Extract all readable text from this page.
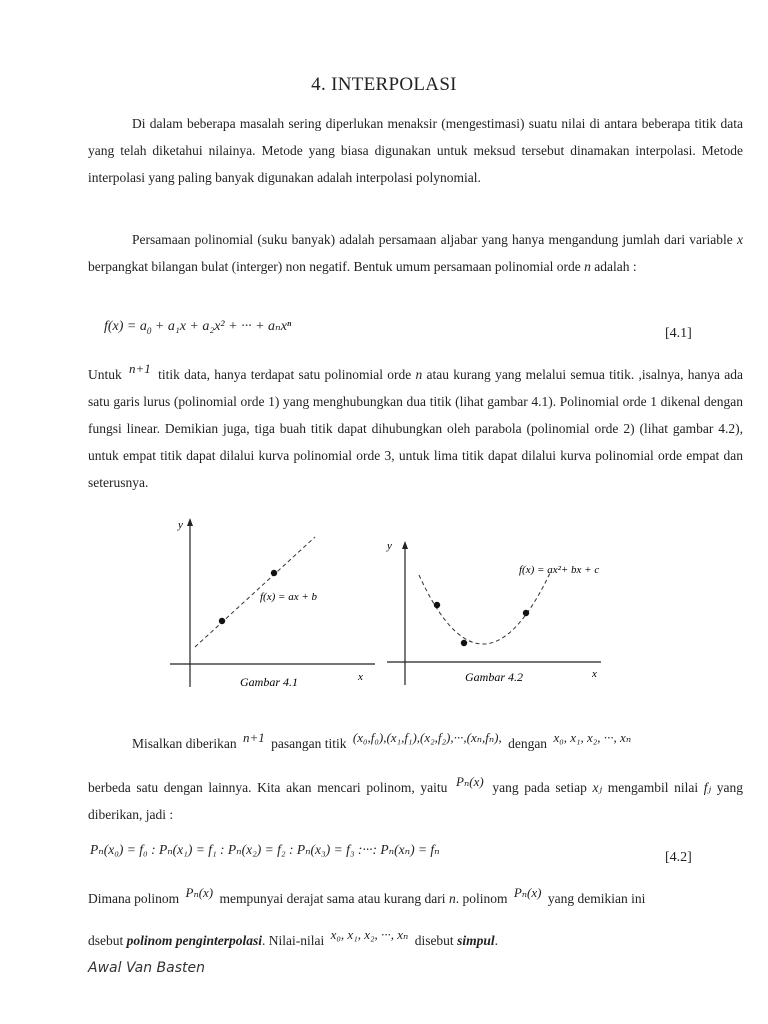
4. INTERPOLASI

Di dalam beberapa masalah sering diperlukan menaksir (mengestimasi) suatu nilai di antara beberapa titik data yang telah diketahui nilainya. Metode yang biasa digunakan untuk meksud tersebut dinamakan interpolasi. Metode interpolasi yang paling banyak digunakan adalah interpolasi polynomial.

Persamaan polinomial (suku banyak) adalah persamaan aljabar yang hanya mengandung jumlah dari variable x berpangkat bilangan bulat (interger) non negatif. Bentuk umum persamaan polinomial orde n adalah :

$f(x) = a_0 + a_1x + a_2x^2$ + ··· + aₙxⁿ	[4.1]

Untuk n+1 titik data, hanya terdapat satu polinomial orde n atau kurang yang melalui semua titik. ,isalnya, hanya ada satu garis lurus (polinomial orde 1) yang menghubungkan dua titik (lihat gambar 4.1). Polinomial orde 1 dikenal dengan fungsi linear. Demikian juga, tiga buah titik dapat dihubungkan oleh parabola (polinomial orde 2) (lihat gambar 4.2), untuk empat titik dapat dilalui kurva polinomial orde 3, untuk lima titik dapat dilalui kurva polinomial orde empat dan seterusnya.

y
x
f(x) = ax + b
Gambar 4.1
y
x
f(x) = ax²+ bx + c
Gambar 4.2
Misalkan diberikan n+1 pasangan titik (x₀,f₀),(x₁,f₁),(x₂,f₂),···,(xₙ,fₙ), dengan x₀, x₁, x₂, ···, xₙ

berbeda satu dengan lainnya. Kita akan mencari polinom, yaitu Pₙ(x) yang pada setiap xⱼ mengambil nilai fⱼ yang diberikan, jadi :

Pₙ(x₀) = f₀ : Pₙ(x₁) = f₁ : Pₙ(x₂) = f₂ : Pₙ(x₃) = f₃ :···: Pₙ(xₙ) = fₙ
[4.2]
Dimana polinom Pₙ(x) mempunyai derajat sama atau kurang dari n. polinom Pₙ(x) yang demikian ini
dsebut polinom penginterpolasi. Nilai-nilai x₀, x₁, x₂, ···, xₙ disebut simpul.
Awal Van Basten
